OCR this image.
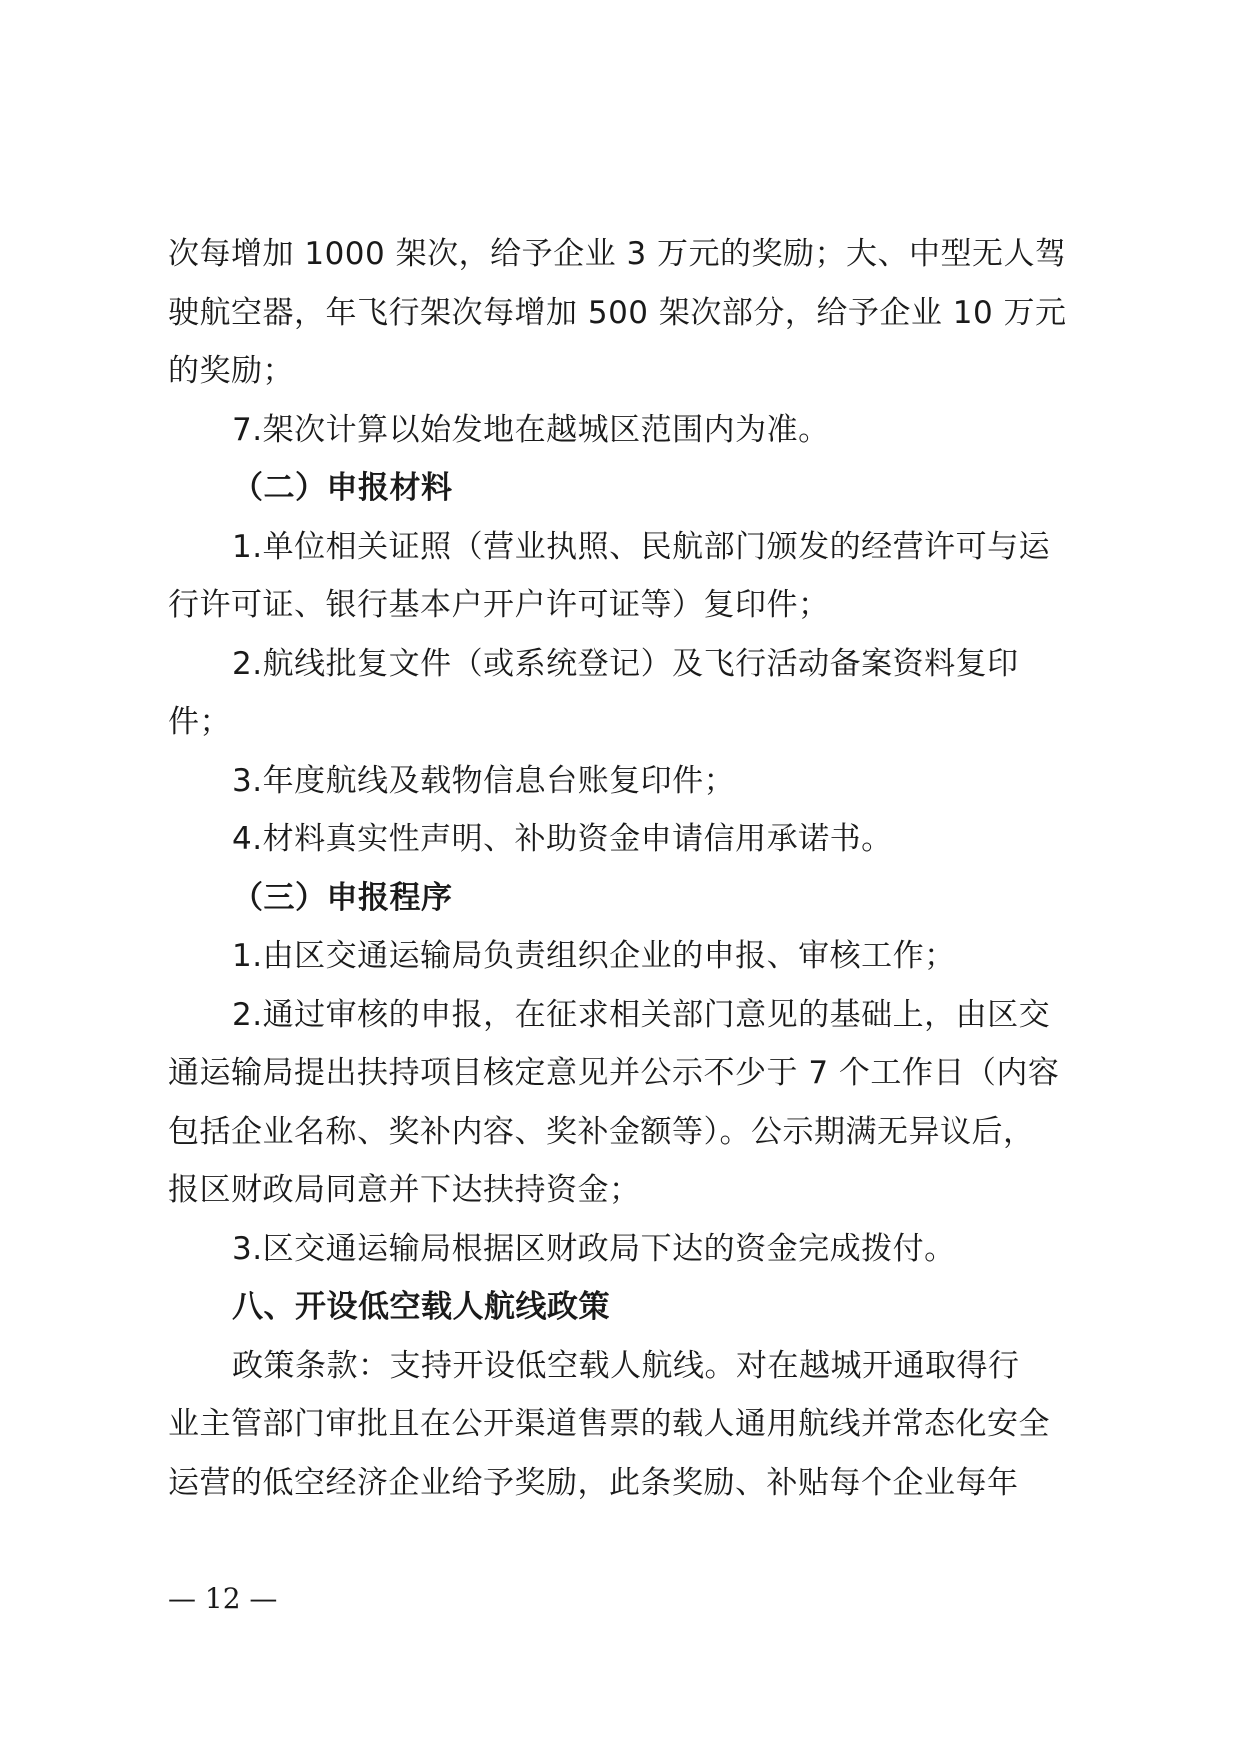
次每增加 1000 架次，给予企业 3 万元的奖励；大、中型无人驾
驶航空器，年飞行架次每增加 500 架次部分，给予企业 10 万元
的奖励；
7.架次计算以始发地在越城区范围内为准。
（二）申报材料
1.单位相关证照（营业执照、民航部门颁发的经营许可与运
行许可证、银行基本户开户许可证等）复印件；
2.航线批复文件（或系统登记）及飞行活动备案资料复印
件；
3.年度航线及载物信息台账复印件；
4.材料真实性声明、补助资金申请信用承诺书。
（三）申报程序
1.由区交通运输局负责组织企业的申报、审核工作；
2.通过审核的申报，在征求相关部门意见的基础上，由区交
通运输局提出扶持项目核定意见并公示不少于 7 个工作日（内容
包括企业名称、奖补内容、奖补金额等）。公示期满无异议后，
报区财政局同意并下达扶持资金；
3.区交通运输局根据区财政局下达的资金完成拨付。
八、开设低空载人航线政策
政策条款：支持开设低空载人航线。对在越城开通取得行
业主管部门审批且在公开渠道售票的载人通用航线并常态化安全
运营的低空经济企业给予奖励，此条奖励、补贴每个企业每年
— 12 —
